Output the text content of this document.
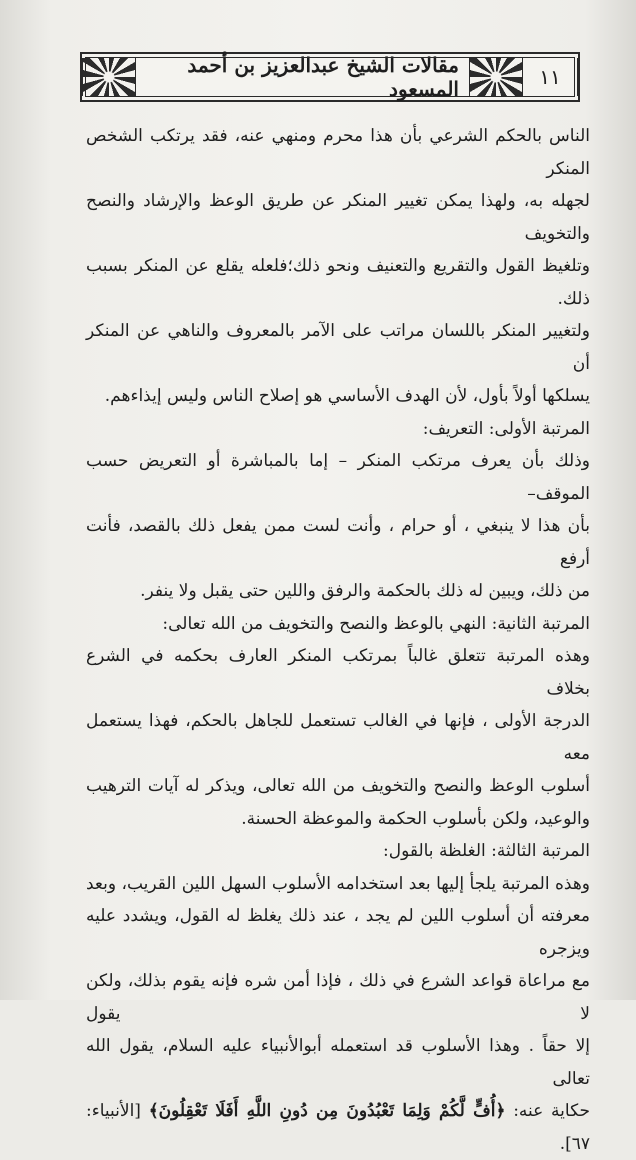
مقالات الشيخ عبدالعزيز بن أحمد المسعود	١١

الناس بالحكم الشرعي بأن هذا محرم ومنهي عنه، فقد يرتكب الشخص المنكر

لجهله به، ولهذا يمكن تغيير المنكر عن طريق الوعظ والإرشاد والنصح والتخويف

وتلغيظ القول والتقريع والتعنيف ونحو ذلك؛فلعله يقلع عن المنكر بسبب ذلك.

ولتغيير المنكر باللسان مراتب على الآمر بالمعروف والناهي عن المنكر أن

يسلكها أولاً بأول، لأن الهدف الأساسي هو إصلاح الناس وليس إيذاءهم.

المرتبة الأولى: التعريف:

وذلك بأن يعرف مرتكب المنكر – إما بالمباشرة أو التعريض حسب الموقف–

بأن هذا لا ينبغي ، أو حرام ، وأنت لست ممن يفعل ذلك بالقصد، فأنت أرفع

من ذلك، ويبين له ذلك بالحكمة والرفق واللين حتى يقبل ولا ينفر.

المرتبة الثانية: النهي بالوعظ والنصح والتخويف من الله تعالى:

وهذه المرتبة تتعلق غالباً بمرتكب المنكر العارف بحكمه في الشرع بخلاف

الدرجة الأولى ، فإنها في الغالب تستعمل للجاهل بالحكم، فهذا يستعمل معه

أسلوب الوعظ والنصح والتخويف من الله تعالى، ويذكر له آيات الترهيب

والوعيد، ولكن بأسلوب الحكمة والموعظة الحسنة.

المرتبة الثالثة: الغلظة بالقول:

وهذه المرتبة يلجأ إليها بعد استخدامه الأسلوب السهل اللين القريب، وبعد

معرفته أن أسلوب اللين لم يجد ، عند ذلك يغلظ له القول، ويشدد عليه ويزجره

مع مراعاة قواعد الشرع في ذلك ، فإذا أمن شره فإنه يقوم بذلك، ولكن لا يقول

إلا حقاً . وهذا الأسلوب قد استعمله أبوالأنبياء عليه السلام، يقول الله تعالى

حكاية عنه: ﴿أُفٍّ لَّكُمْ وَلِمَا تَعْبُدُونَ مِن دُونِ اللَّهِ أَفَلَا تَعْقِلُونَ﴾ [الأنبياء: ٦٧].
